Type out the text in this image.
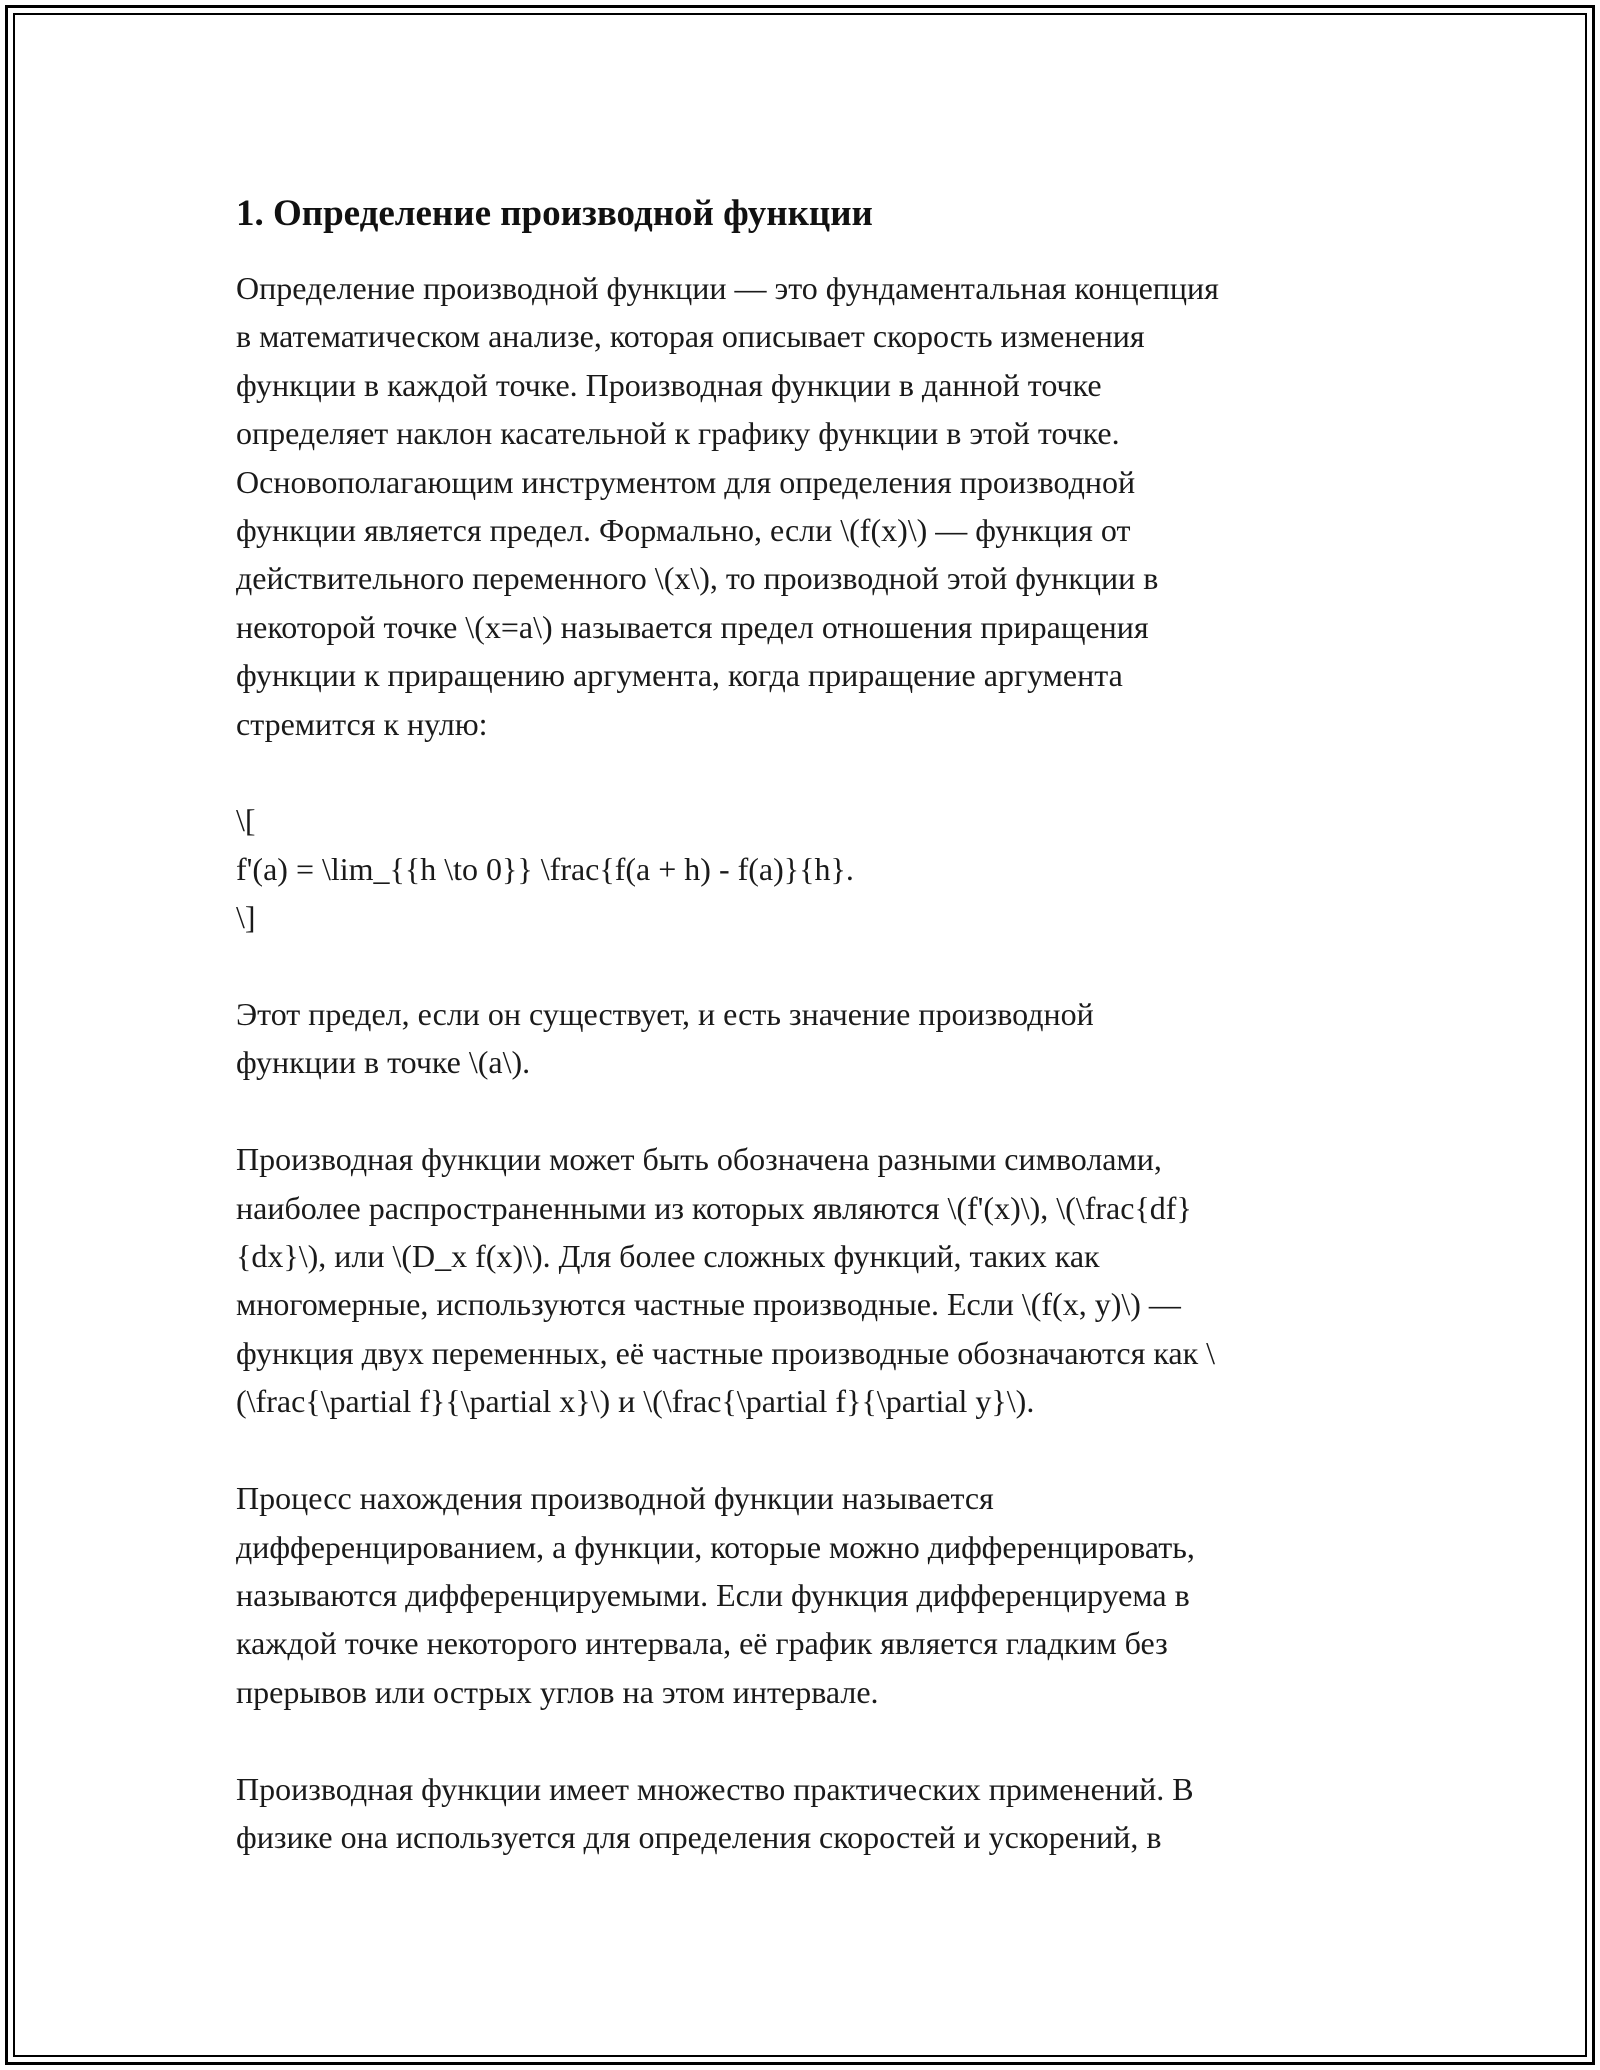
1. Определение производной функции

Определение производной функции — это фундаментальная концепция
в математическом анализе, которая описывает скорость изменения
функции в каждой точке. Производная функции в данной точке
определяет наклон касательной к графику функции в этой точке.
Основополагающим инструментом для определения производной
функции является предел. Формально, если \(f(x)\) — функция от
действительного переменного \(x\), то производной этой функции в
некоторой точке \(x=a\) называется предел отношения приращения
функции к приращению аргумента, когда приращение аргумента
стремится к нулю:

\[
f'(a) = \lim_{{h \to 0}} \frac{f(a + h) - f(a)}{h}.
\]

Этот предел, если он существует, и есть значение производной
функции в точке \(a\).

Производная функции может быть обозначена разными символами,
наиболее распространенными из которых являются \(f'(x)\), \(\frac{df}
{dx}\), или \(D_x f(x)\). Для более сложных функций, таких как
многомерные, используются частные производные. Если \(f(x, y)\) —
функция двух переменных, её частные производные обозначаются как \
(\frac{\partial f}{\partial x}\) и \(\frac{\partial f}{\partial y}\).

Процесс нахождения производной функции называется
дифференцированием, а функции, которые можно дифференцировать,
называются дифференцируемыми. Если функция дифференцируема в
каждой точке некоторого интервала, её график является гладким без
прерывов или острых углов на этом интервале.

Производная функции имеет множество практических применений. В
физике она используется для определения скоростей и ускорений, в
